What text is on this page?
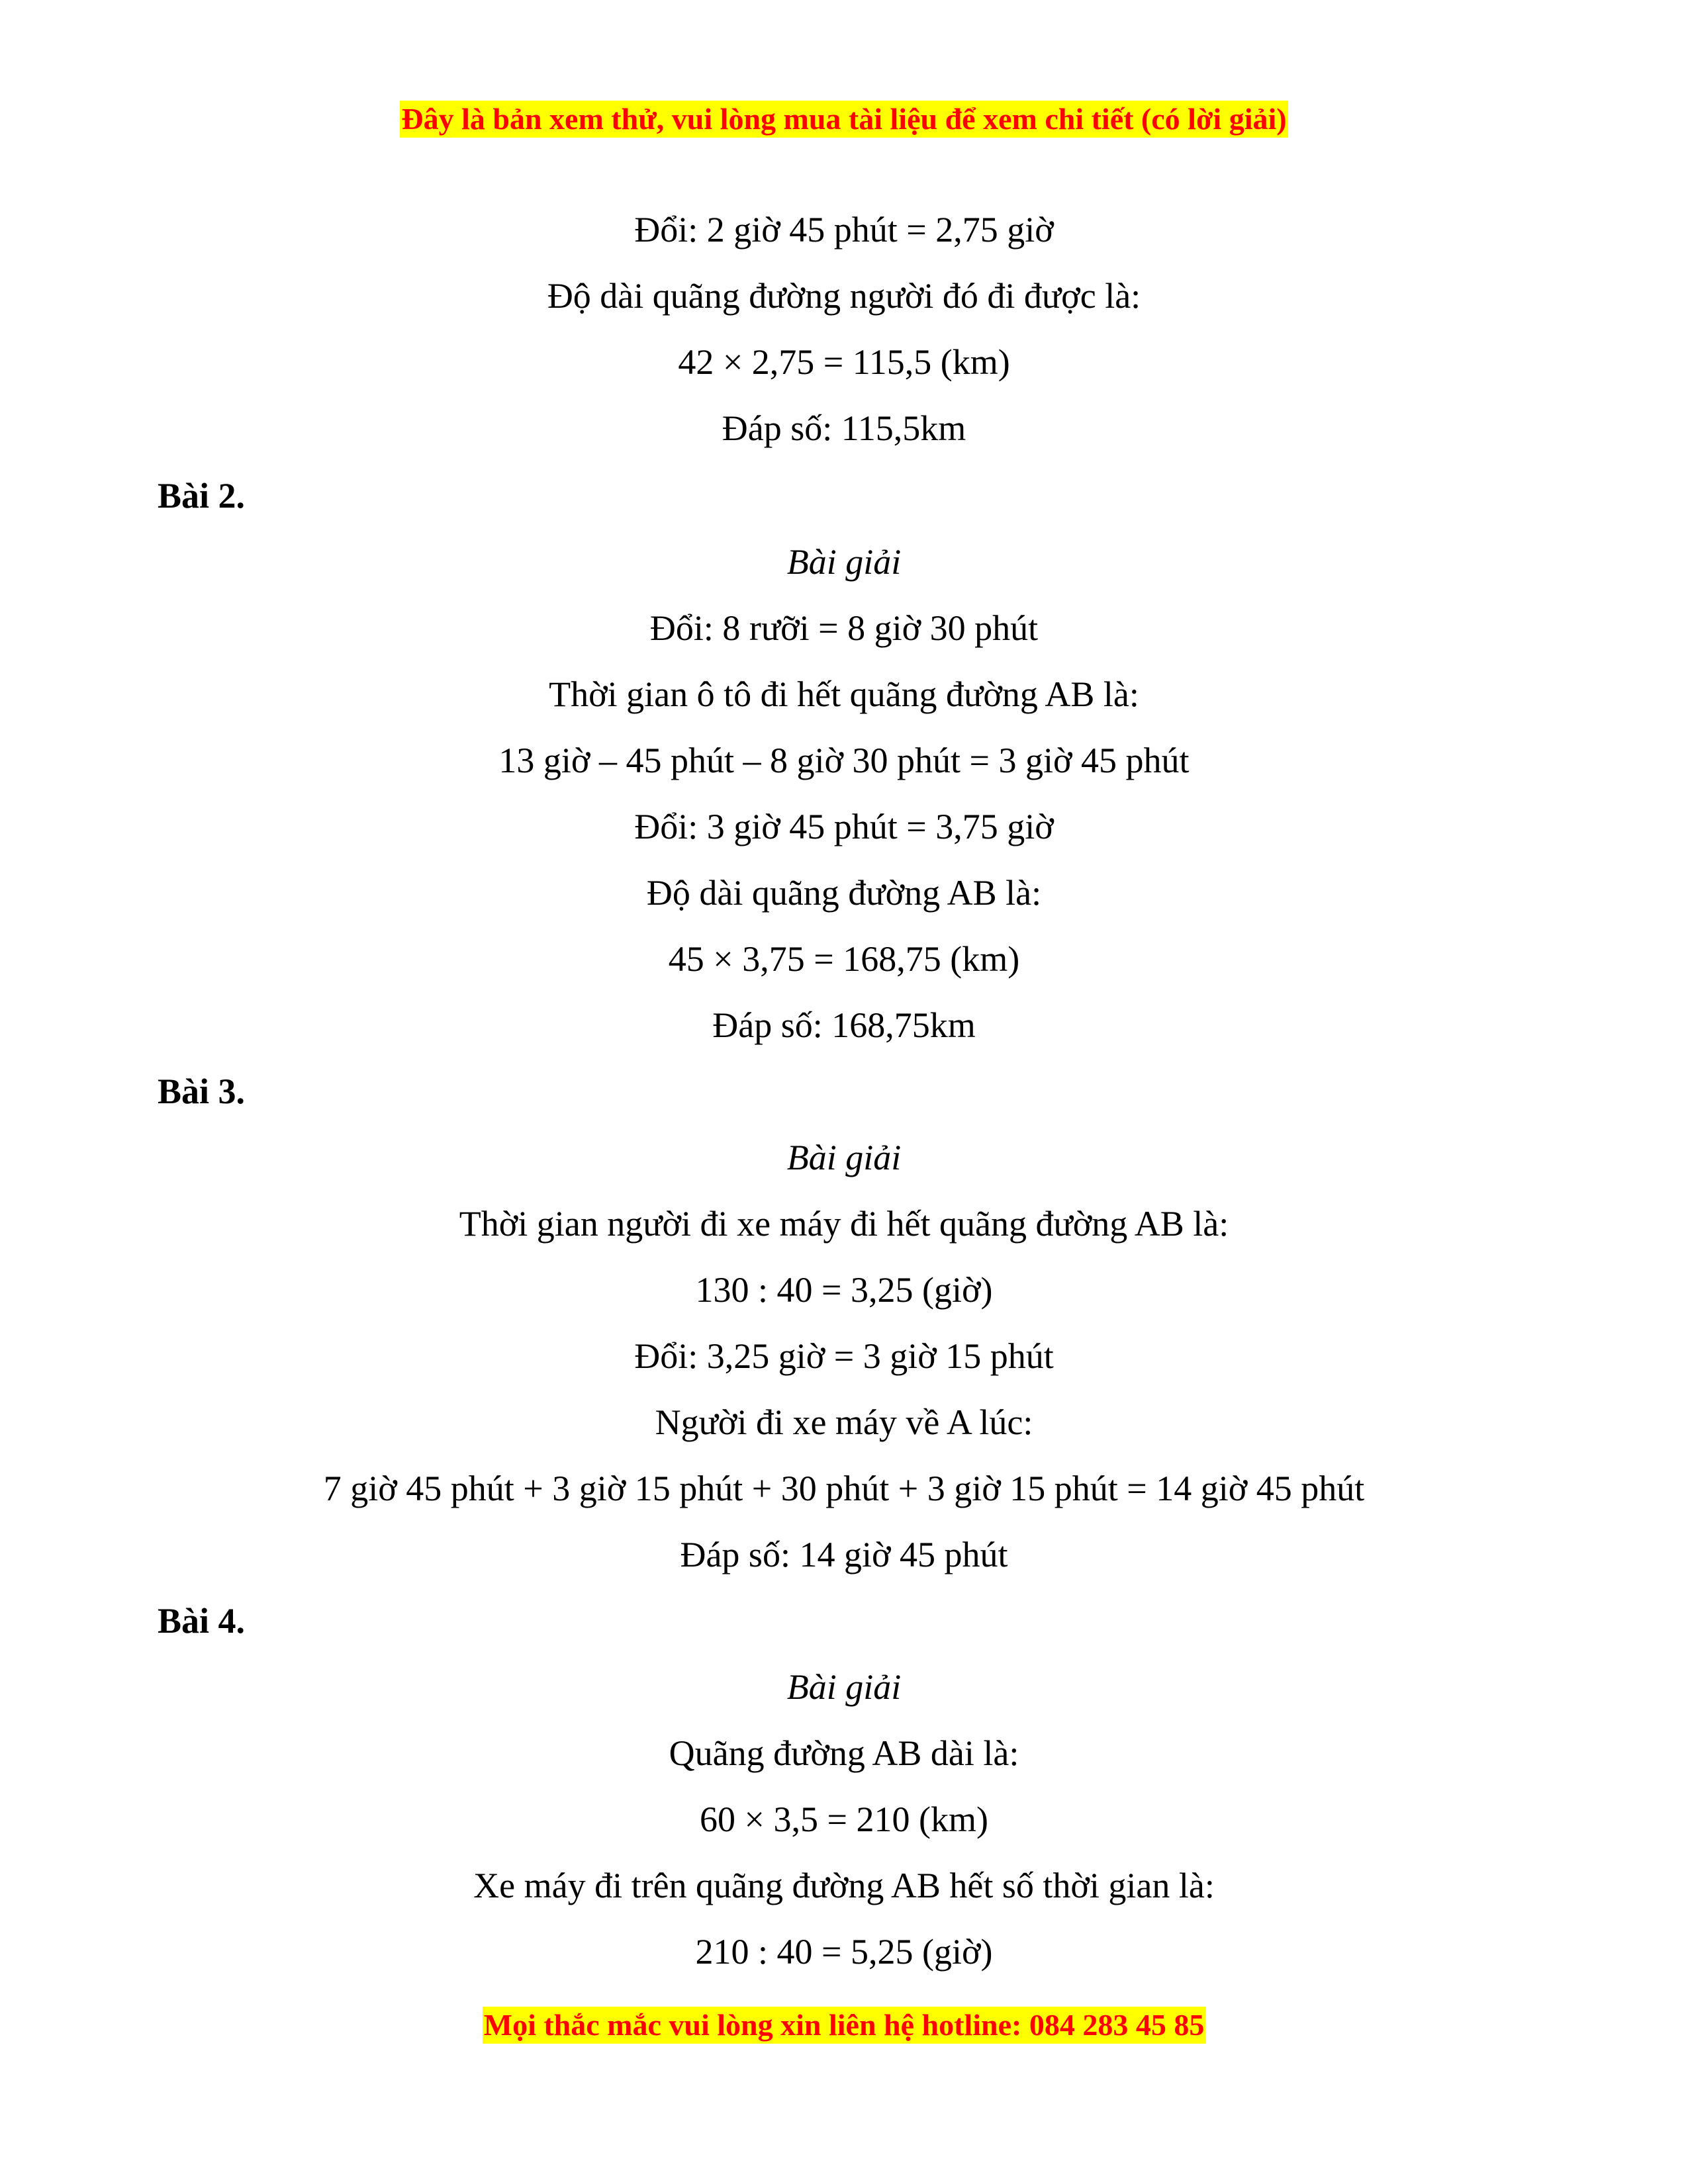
Đây là bản xem thử, vui lòng mua tài liệu để xem chi tiết (có lời giải)
Đổi: 2 giờ 45 phút = 2,75 giờ
Độ dài quãng đường người đó đi được là:
42 × 2,75 = 115,5 (km)
Đáp số: 115,5km
Bài 2.
Bài giải
Đổi: 8 rưỡi = 8 giờ 30 phút
Thời gian ô tô đi hết quãng đường AB là:
13 giờ – 45 phút – 8 giờ 30 phút = 3 giờ 45 phút
Đổi: 3 giờ 45 phút = 3,75 giờ
Độ dài quãng đường AB là:
45 × 3,75 = 168,75 (km)
Đáp số: 168,75km
Bài 3.
Bài giải
Thời gian người đi xe máy đi hết quãng đường AB là:
130 : 40 = 3,25 (giờ)
Đổi: 3,25 giờ = 3 giờ 15 phút
Người đi xe máy về A lúc:
7 giờ 45 phút + 3 giờ 15 phút + 30 phút + 3 giờ 15 phút = 14 giờ 45 phút
Đáp số: 14 giờ 45 phút
Bài 4.
Bài giải
Quãng đường AB dài là:
60 × 3,5 = 210 (km)
Xe máy đi trên quãng đường AB hết số thời gian là:
210 : 40 = 5,25 (giờ)
Mọi thắc mắc vui lòng xin liên hệ hotline: 084 283 45 85
